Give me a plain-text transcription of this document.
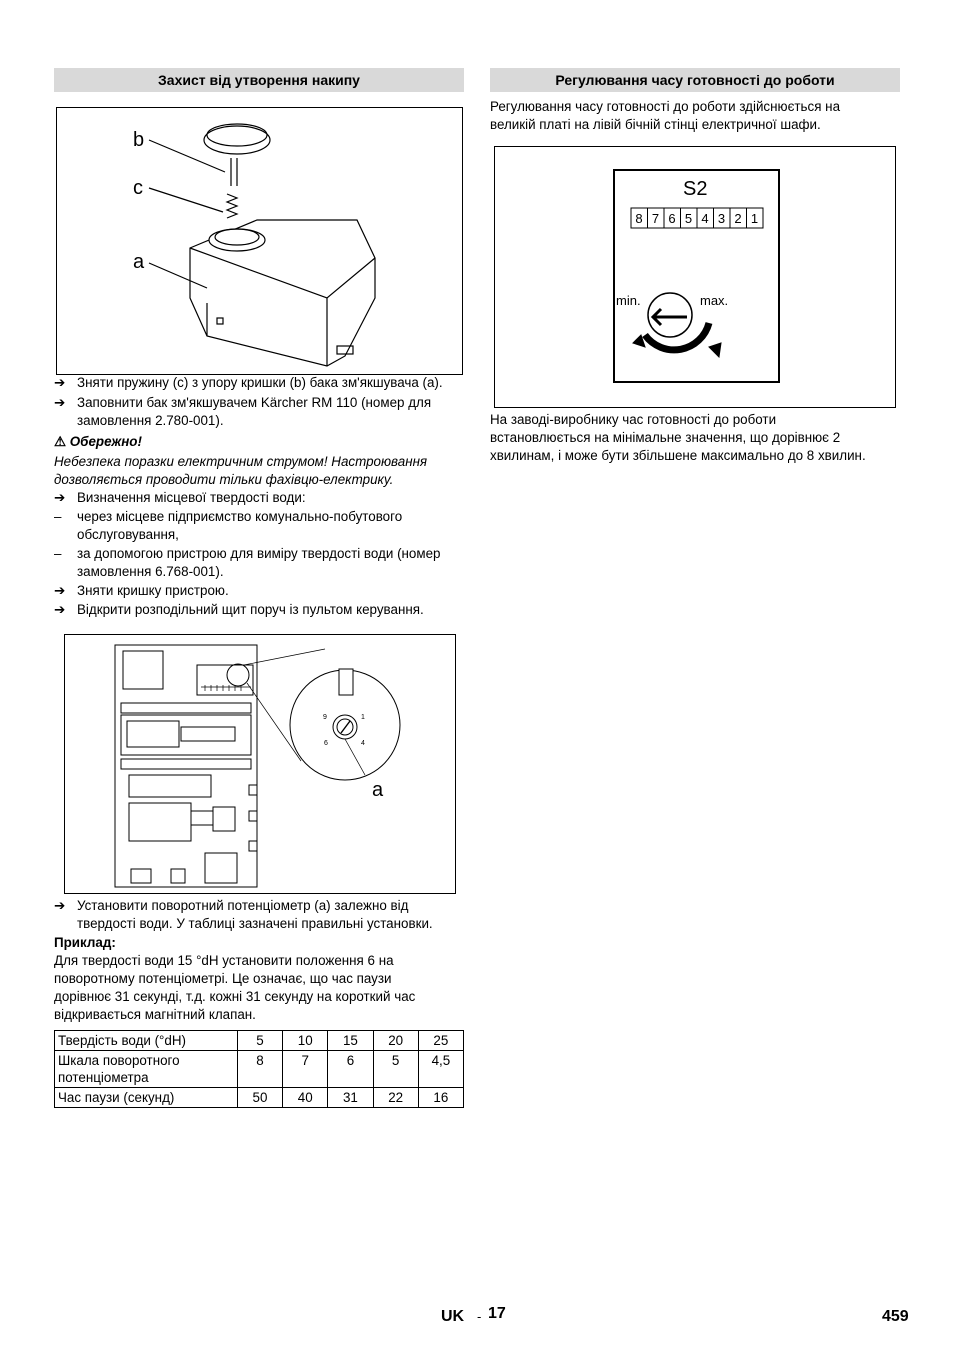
Захист від утворення накипу
b
c
a
➔ Зняти пружину (c) з упору кришки (b) бака зм'якшувача (a).
➔ Заповнити бак зм'якшувачем Kärcher RM 110 (номер для
замовлення 2.780-001).
⚠ Обережно!
Небезпека поразки електричним струмом! Настроювання
дозволяється проводити тільки фахівцю-електрику.
➔ Визначення місцевої твердості води:
–	через місцеве підприємство комунально-побутового
обслуговування,
–	за допомогою пристрою для виміру твердості води (номер
замовлення 6.768-001).
➔ Зняти кришку пристрою.
➔ Відкрити розподільний щит поруч із пультом керування.
9	1
6	4
a
➔ Установити поворотний потенціометр (а) залежно від
твердості води. У таблиці зазначені правильні установки.
Приклад:
Для твердості води 15 °dH установити положення 6 на
поворотному потенціометрі. Це означає, що час паузи
дорівнює 31 секунді, т.д. кожні 31 секунду на короткий час
відкривається магнітний клапан.
Твердість води (°dH)	5	10	15	20	25

Шкала поворотного
потенціометра	8	7	6	5	4,5
Час паузи (секунд)	50	40	31	22	16
Регулювання часу готовності до роботи
Регулювання часу готовності до роботи здійснюється на
великій платі на лівій бічній стінці електричної шафи.
S2
8 7 6 5 4 3 2 1
min.	max.
На заводі-виробнику час готовності до роботи
встановлюється на мінімальне значення, що дорівнює 2
хвилинам, і може бути збільшене максимально до 8 хвилин.
UK - 17	459
